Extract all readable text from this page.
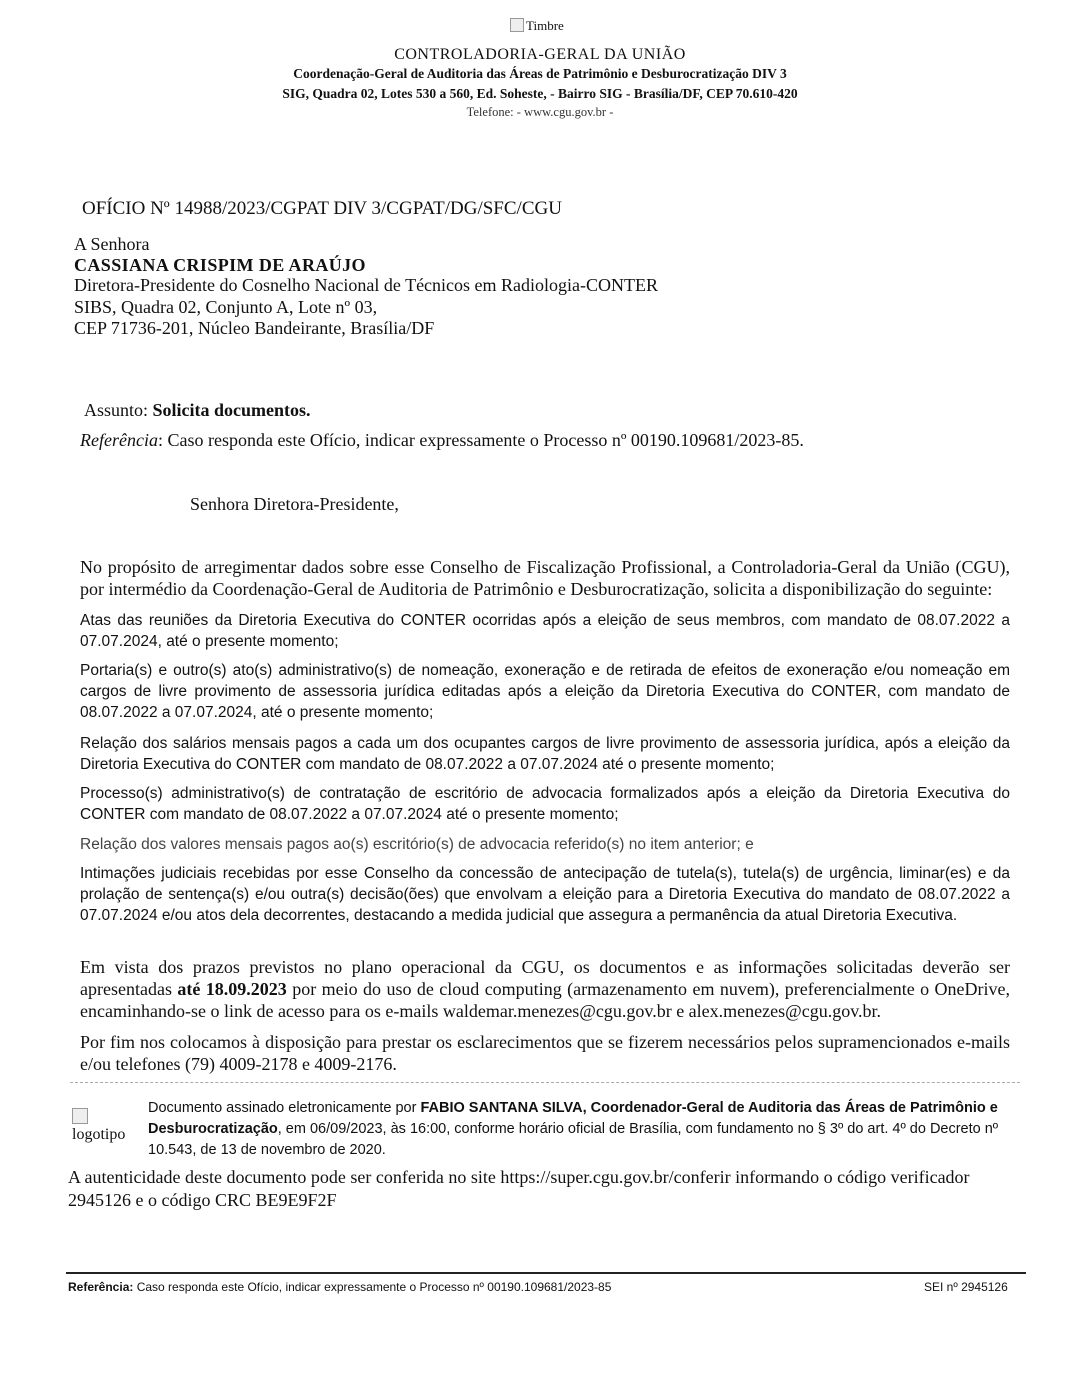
Timbre
CONTROLADORIA-GERAL DA UNIÃO
Coordenação-Geral de Auditoria das Áreas de Patrimônio e Desburocratização DIV 3
SIG, Quadra 02, Lotes 530 a 560, Ed. Soheste, - Bairro SIG - Brasília/DF, CEP 70.610-420
Telefone: - www.cgu.gov.br -
OFÍCIO Nº 14988/2023/CGPAT DIV 3/CGPAT/DG/SFC/CGU
A Senhora
CASSIANA CRISPIM DE ARAÚJO
Diretora-Presidente do Cosnelho Nacional de Técnicos em Radiologia-CONTER
SIBS, Quadra 02, Conjunto A, Lote nº 03,
CEP 71736-201, Núcleo Bandeirante, Brasília/DF
Assunto: Solicita documentos.
Referência: Caso responda este Ofício, indicar expressamente o Processo nº 00190.109681/2023-85.
Senhora Diretora-Presidente,
No propósito de arregimentar dados sobre esse Conselho de Fiscalização Profissional, a Controladoria-Geral da União (CGU), por intermédio da Coordenação-Geral de Auditoria de Patrimônio e Desburocratização, solicita a disponibilização do seguinte:
Atas das reuniões da Diretoria Executiva do CONTER ocorridas após a eleição de seus membros, com mandato de 08.07.2022 a 07.07.2024, até o presente momento;
Portaria(s) e outro(s) ato(s) administrativo(s) de nomeação, exoneração e de retirada de efeitos de exoneração e/ou nomeação em cargos de livre provimento de assessoria jurídica editadas após a eleição da Diretoria Executiva do CONTER, com mandato de 08.07.2022 a 07.07.2024, até o presente momento;
Relação dos salários mensais pagos a cada um dos ocupantes cargos de livre provimento de assessoria jurídica, após a eleição da Diretoria Executiva do CONTER com mandato de 08.07.2022 a 07.07.2024 até o presente momento;
Processo(s) administrativo(s) de contratação de escritório de advocacia formalizados após a eleição da Diretoria Executiva do CONTER com mandato de 08.07.2022 a 07.07.2024 até o presente momento;
Relação dos valores mensais pagos ao(s) escritório(s) de advocacia referido(s) no item anterior; e
Intimações judiciais recebidas por esse Conselho da concessão de antecipação de tutela(s), tutela(s) de urgência, liminar(es) e da prolação de sentença(s) e/ou outra(s) decisão(ões) que envolvam a eleição para a Diretoria Executiva do mandato de 08.07.2022 a 07.07.2024 e/ou atos dela decorrentes, destacando a medida judicial que assegura a permanência da atual Diretoria Executiva.
Em vista dos prazos previstos no plano operacional da CGU, os documentos e as informações solicitadas deverão ser apresentadas até 18.09.2023 por meio do uso de cloud computing (armazenamento em nuvem), preferencialmente o OneDrive, encaminhando-se o link de acesso para os e-mails waldemar.menezes@cgu.gov.br e alex.menezes@cgu.gov.br.
Por fim nos colocamos à disposição para prestar os esclarecimentos que se fizerem necessários pelos supramencionados e-mails e/ou telefones (79) 4009-2178 e 4009-2176.
logotipo
Documento assinado eletronicamente por FABIO SANTANA SILVA, Coordenador-Geral de Auditoria das Áreas de Patrimônio e Desburocratização, em 06/09/2023, às 16:00, conforme horário oficial de Brasília, com fundamento no § 3º do art. 4º do Decreto nº 10.543, de 13 de novembro de 2020.
A autenticidade deste documento pode ser conferida no site https://super.cgu.gov.br/conferir informando o código verificador 2945126 e o código CRC BE9E9F2F
Referência: Caso responda este Ofício, indicar expressamente o Processo nº 00190.109681/2023-85	SEI nº 2945126
